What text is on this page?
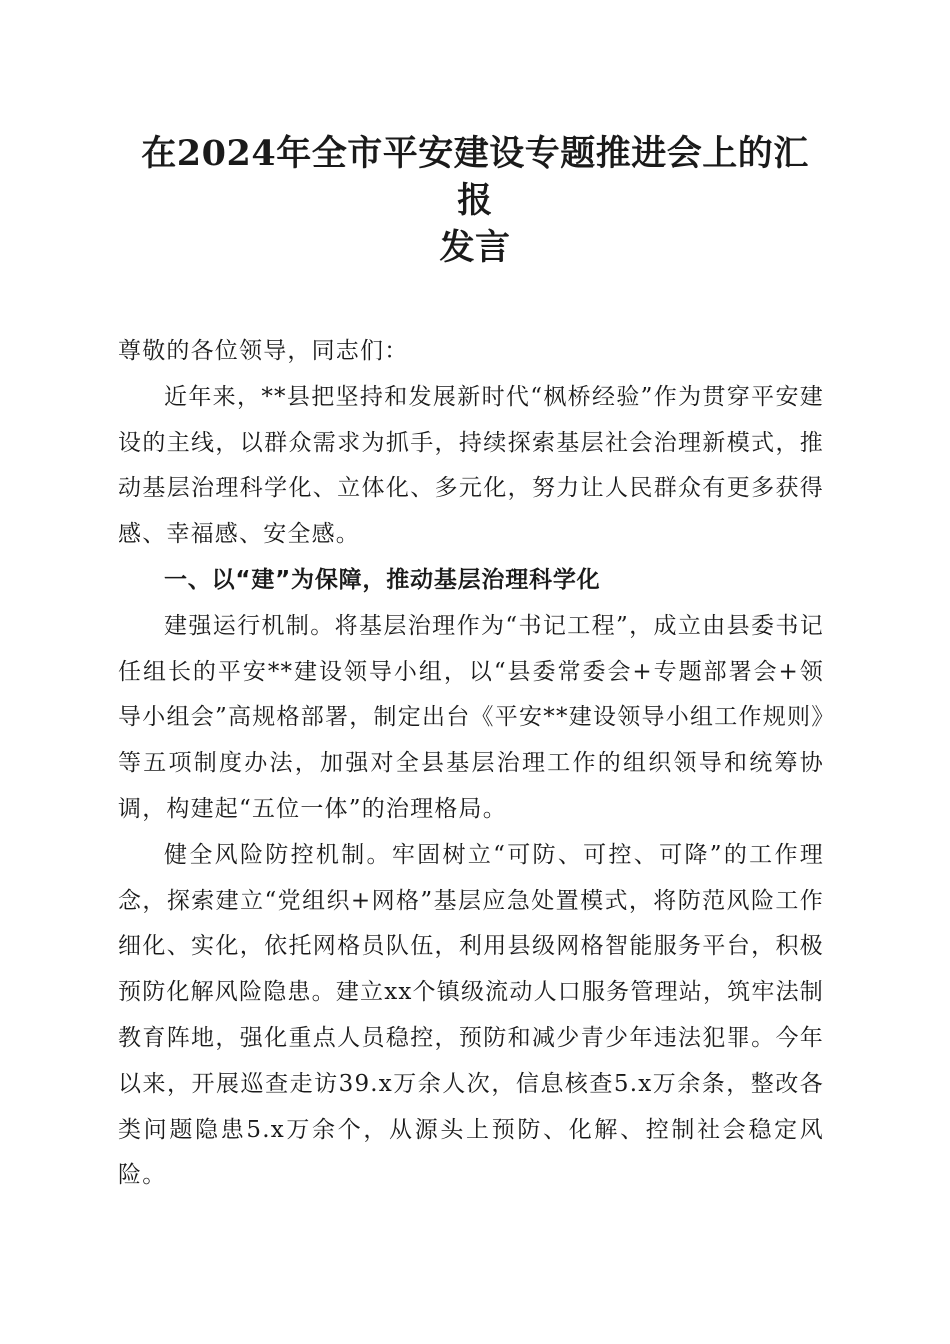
在2024年全市平安建设专题推进会上的汇报
发言

尊敬的各位领导，同志们：

近年来，**县把坚持和发展新时代“枫桥经验”作为贯穿平安建设的主线，以群众需求为抓手，持续探索基层社会治理新模式，推动基层治理科学化、立体化、多元化，努力让人民群众有更多获得感、幸福感、安全感。

一、以“建”为保障，推动基层治理科学化

建强运行机制。将基层治理作为“书记工程”，成立由县委书记任组长的平安**建设领导小组，以“县委常委会+专题部署会+领导小组会”高规格部署，制定出台《平安**建设领导小组工作规则》等五项制度办法，加强对全县基层治理工作的组织领导和统筹协调，构建起“五位一体”的治理格局。

健全风险防控机制。牢固树立“可防、可控、可降”的工作理念，探索建立“党组织+网格”基层应急处置模式，将防范风险工作细化、实化，依托网格员队伍，利用县级网格智能服务平台，积极预防化解风险隐患。建立xx个镇级流动人口服务管理站，筑牢法制教育阵地，强化重点人员稳控，预防和减少青少年违法犯罪。今年以来，开展巡查走访39.x万余人次，信息核查5.x万余条，整改各类问题隐患5.x万余个，从源头上预防、化解、控制社会稳定风险。
